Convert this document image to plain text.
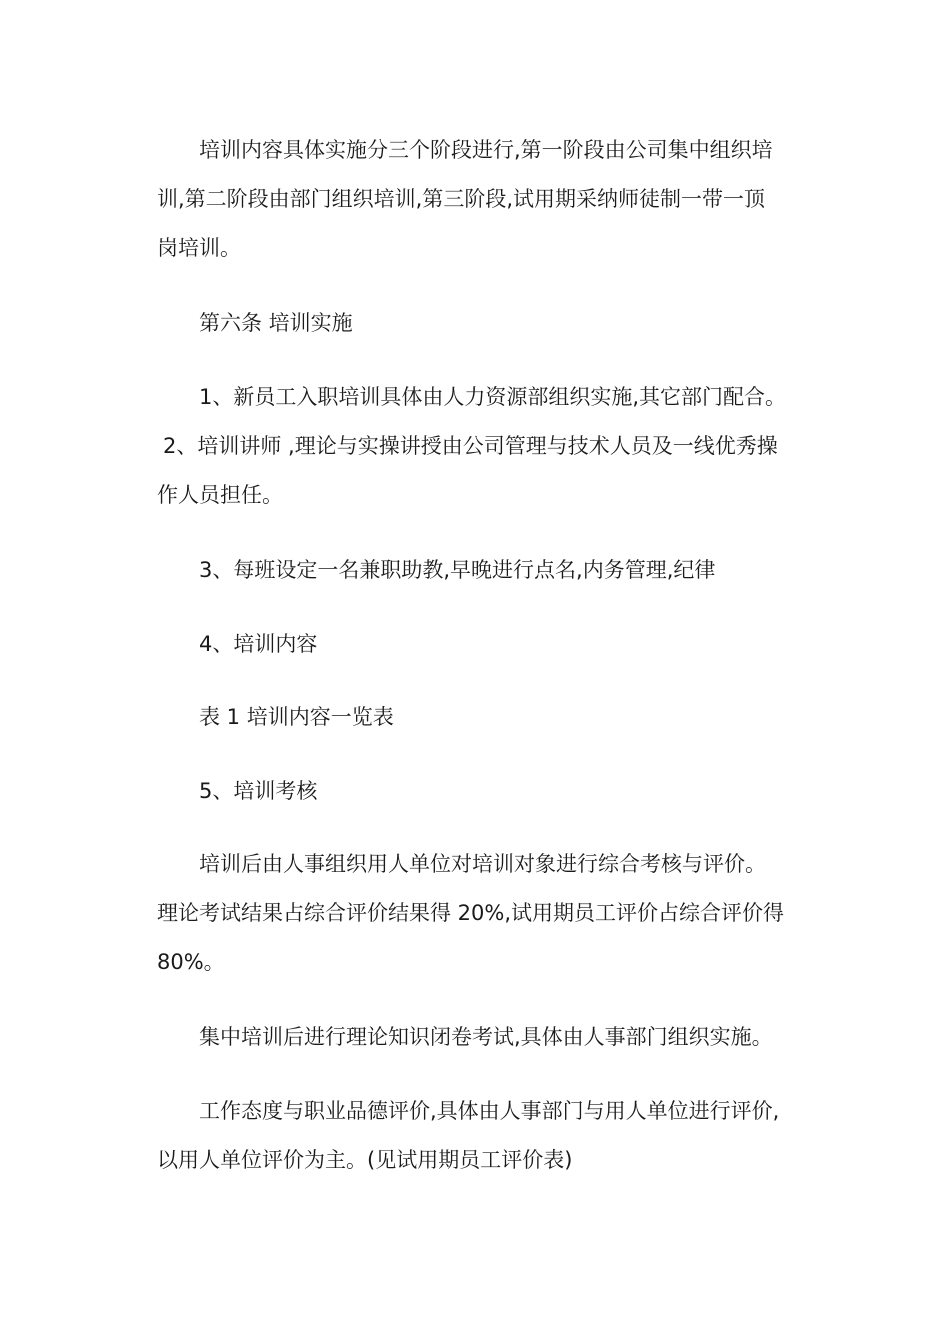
培训内容具体实施分三个阶段进行,第一阶段由公司集中组织培
训,第二阶段由部门组织培训,第三阶段,试用期采纳师徒制一带一顶
岗培训。
第六条 培训实施
1、新员工入职培训具体由人力资源部组织实施,其它部门配合。
2、培训讲师 ,理论与实操讲授由公司管理与技术人员及一线优秀操
作人员担任。
3、每班设定一名兼职助教,早晚进行点名,内务管理,纪律
4、培训内容
表 1 培训内容一览表
5、培训考核
培训后由人事组织用人单位对培训对象进行综合考核与评价。
理论考试结果占综合评价结果得 20%,试用期员工评价占综合评价得
80%。
集中培训后进行理论知识闭卷考试,具体由人事部门组织实施。
工作态度与职业品德评价,具体由人事部门与用人单位进行评价,
以用人单位评价为主。(见试用期员工评价表)
